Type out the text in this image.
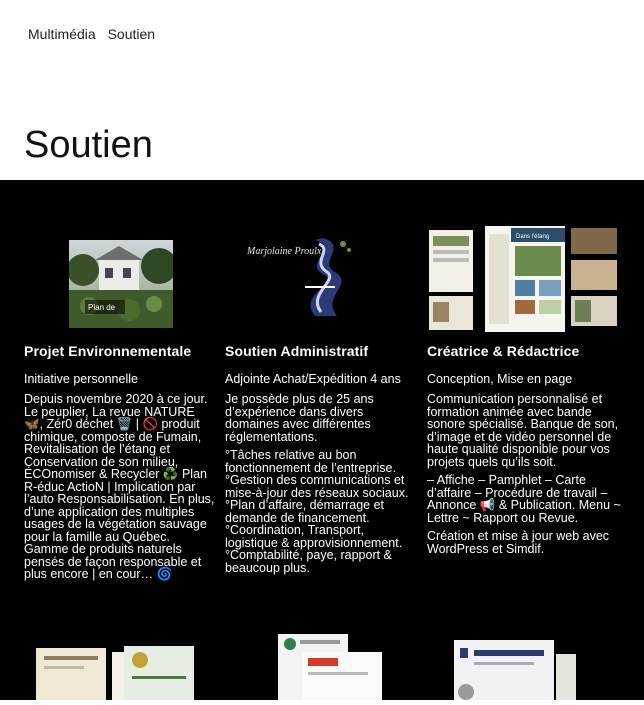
Multimédia Soutien
Soutien
Plan de
Projet Environnementale
Initiative personnelle

Depuis novembre 2020 à ce jour. Le peuplier, La revue NATURE 🦋, Zér0 déchet 🗑️ | 🚫 produit chimique, composte de Fumain, Revitalisation de l’étang et Conservation de son milieu, ÉCOnomiser & Recycler ♻️ Plan R-éduc ActioN | Implication par l’auto Responsabilisation. En plus, d’une application des multiples usages de la végétation sauvage pour la famille au Québec. Gamme de produits naturels pensés de façon responsable et plus encore | en cour… 🌀

Marjolaine Proulx
Soutien Administratif
Adjointe Achat/Expédition 4 ans

Je possède plus de 25 ans d’expérience dans divers domaines avec différentes réglementations.

°Tâches relative au bon fonctionnement de l’entreprise. °Gestion des communications et mise-à-jour des réseaux sociaux. °Plan d’affaire, démarrage et demande de financement. °Coordination, Transport, logistique & approvisionnement. °Comptabilité, paye, rapport & beaucoup plus.

Dans l'étang
Créatrice & Rédactrice
Conception, Mise en page

Communication personnalisé et formation animée avec bande sonore spécialisé. Banque de son, d’image et de vidéo personnel de haute qualité disponible pour vos projets quels qu’ils soit.

– Affiche – Pamphlet – Carte d’affaire – Procédure de travail – Annonce 📢 & Publication. Menu ~ Lettre ~ Rapport ou Revue.

Création et mise à jour web avec WordPress et Simdif.
